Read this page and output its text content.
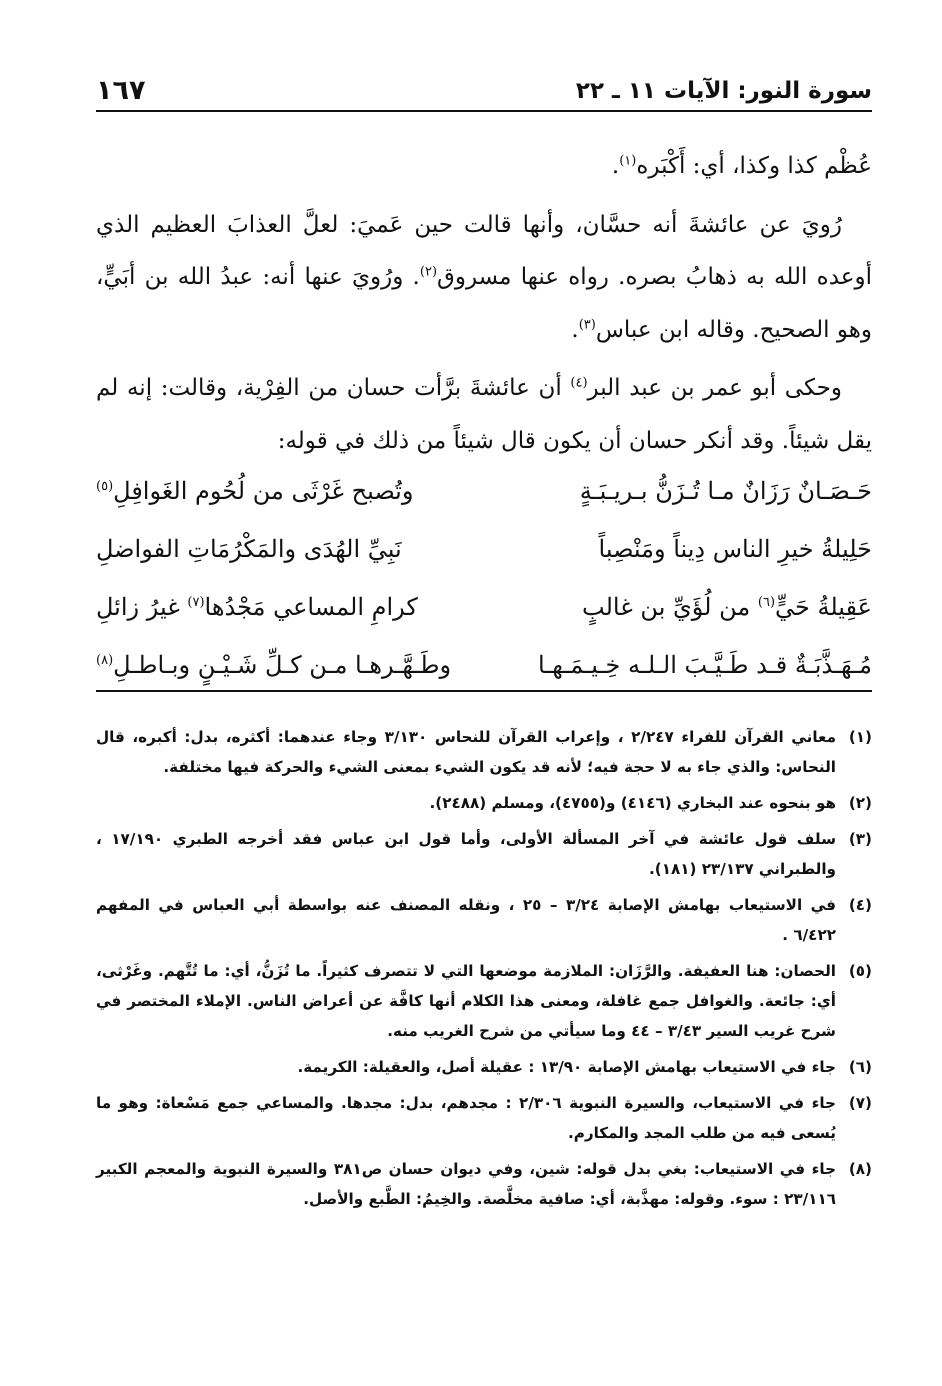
سورة النور: الآيات ١١ ـ ٢٢
١٦٧

عُظْم كذا وكذا، أي: أَكْبَره$^{(١)}$.

رُويَ عن عائشةَ أنه حسَّان، وأنها قالت حين عَميَ: لعلَّ العذابَ العظيم الذي أوعده الله به ذهابُ بصره. رواه عنها مسروق$^{(٢)}$. ورُويَ عنها أنه: عبدُ الله بن أبَيٍّ، وهو الصحيح. وقاله ابن عباس$^{(٣)}$.

وحكى أبو عمر بن عبد البر$^{(٤)}$ أن عائشةَ برَّأت حسان من الفِرْية، وقالت: إنه لم يقل شيئاً. وقد أنكر حسان أن يكون قال شيئاً من ذلك في قوله:

حَـصَـانٌ رَزَانٌ مـا تُـزَنُّ بـريـبَـةٍ
وتُصبح غَرْثَى من لُحُوم الغَوافِلِ$^{(٥)}$
حَلِيلةُ خيرِ الناس دِيناً ومَنْصِباً
نَبِيِّ الهُدَى والمَكْرُمَاتِ الفواضلِ
عَقِيلةُ حَيٍّ$^{(٦)}$ من لُؤَيِّ بن غالبٍ
كرامِ المساعي مَجْدُها$^{(٧)}$ غيرُ زائلِ
مُـهَـذَّبَـةٌ قـد طَـيَّـبَ الـلـه خِـيـمَـهـا
وطَـهَّـرهـا مـن كـلِّ شَـيْـنٍ وبـاطـلِ$^{(٨)}$
(١)
معاني القرآن للفراء ٢/٢٤٧ ، وإعراب القرآن للنحاس ٣/١٣٠ وجاء عندهما: أكثره، بدل: أكبره، قال النحاس: والذي جاء به لا حجة فيه؛ لأنه قد يكون الشيء بمعنى الشيء والحركة فيها مختلفة.
(٢)
هو بنحوه عند البخاري (٤١٤٦) و(٤٧٥٥)، ومسلم (٢٤٨٨).
(٣)
سلف قول عائشة في آخر المسألة الأولى، وأما قول ابن عباس فقد أخرجه الطبري ١٧/١٩٠ ، والطبراني ٢٣/١٣٧ (١٨١).
(٤)
في الاستيعاب بهامش الإصابة ٣/٢٤ – ٢٥ ، ونقله المصنف عنه بواسطة أبي العباس في المفهم ٦/٤٢٢ .
(٥)
الحصان: هنا العفيفة. والرَّزَان: الملازمة موضعها التي لا تتصرف كثيراً. ما تُزَنُّ، أي: ما تُتَّهم. وغَرْثى، أي: جائعة. والغوافل جمع غافلة، ومعنى هذا الكلام أنها كافَّة عن أعراض الناس. الإملاء المختصر في شرح غريب السير ٣/٤٣ – ٤٤ وما سيأتي من شرح الغريب منه.
(٦)
جاء في الاستيعاب بهامش الإصابة ١٣/٩٠ : عقيلة أصل، والعقيلة: الكريمة.
(٧)
جاء في الاستيعاب، والسيرة النبوية ٢/٣٠٦ : مجدهم، بدل: مجدها. والمساعي جمع مَسْعاة: وهو ما يُسعى فيه من طلب المجد والمكارم.
(٨)
جاء في الاستيعاب: بغي بدل قوله: شين، وفي ديوان حسان ص٣٨١ والسيرة النبوية والمعجم الكبير ٢٣/١١٦ : سوء. وقوله: مهذَّبة، أي: صافية مخلَّصة. والخِيمُ: الطَّبع والأصل.
